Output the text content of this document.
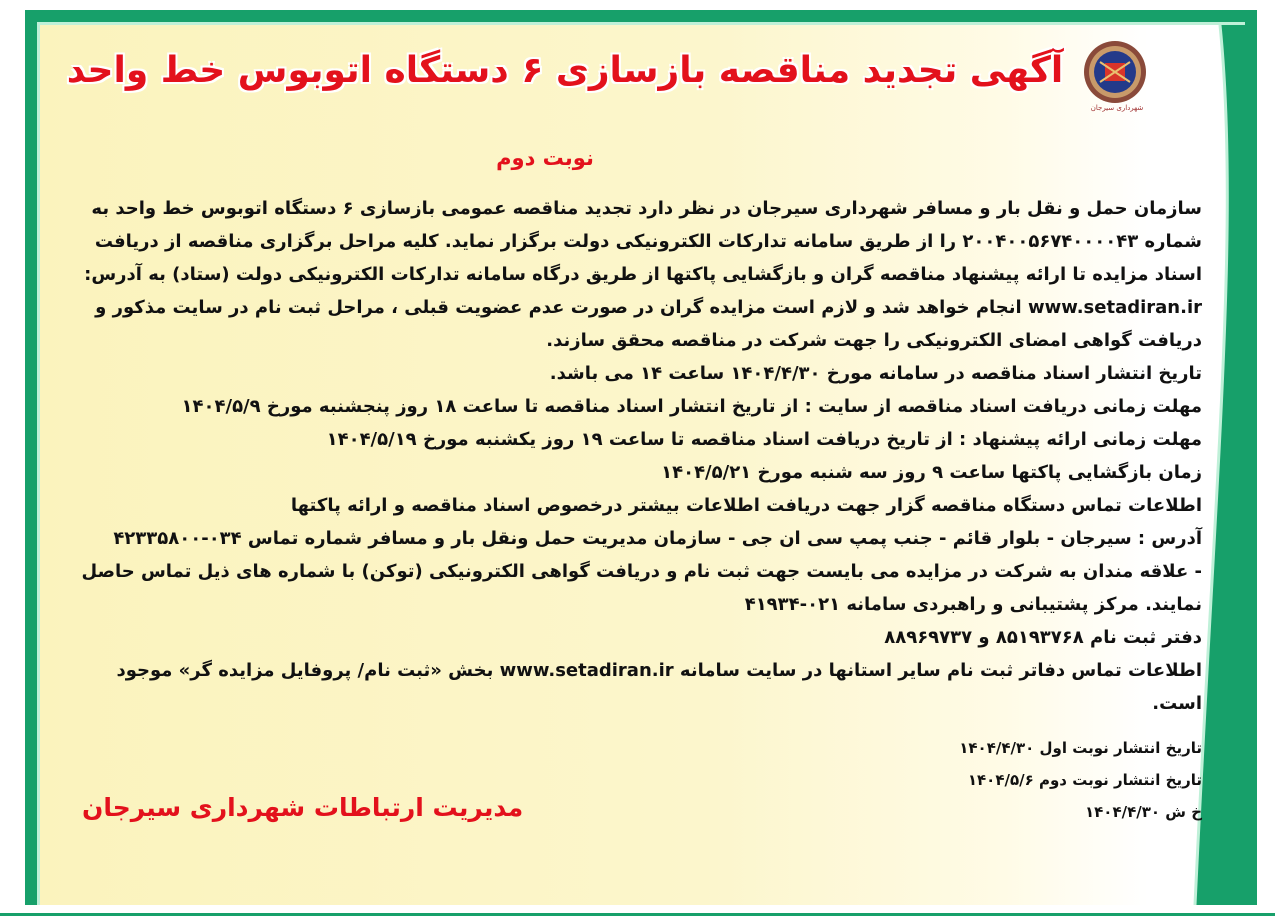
شهرداری سیرجان
آگهی تجدید مناقصه بازسازی ۶ دستگاه اتوبوس خط واحد
نوبت دوم
سازمان حمل و نقل بار و مسافر شهرداری سیرجان در نظر دارد تجدید مناقصه عمومی بازسازی ۶ دستگاه اتوبوس خط واحد به
شماره ۲۰۰۴۰۰۵۶۷۴۰۰۰۰۴۳ را از طریق سامانه تدارکات الکترونیکی دولت برگزار نماید. کلیه مراحل برگزاری مناقصه از دریافت
اسناد مزایده تا ارائه پیشنهاد مناقصه گران و بازگشایی پاکتها از طریق درگاه سامانه تدارکات الکترونیکی دولت (ستاد) به آدرس:
www.setadiran.ir انجام خواهد شد و لازم است مزایده گران در صورت عدم عضویت قبلی ، مراحل ثبت نام در سایت مذکور و
دریافت گواهی امضای الکترونیکی را جهت شرکت در مناقصه محقق سازند.
تاریخ انتشار اسناد مناقصه در سامانه مورخ ۱۴۰۴/۴/۳۰ ساعت ۱۴ می باشد.
مهلت زمانی دریافت اسناد مناقصه از سایت : از تاریخ انتشار اسناد مناقصه تا ساعت ۱۸ روز پنجشنبه مورخ ۱۴۰۴/۵/۹
مهلت زمانی ارائه پیشنهاد : از تاریخ دریافت اسناد مناقصه تا ساعت ۱۹ روز یکشنبه مورخ ۱۴۰۴/۵/۱۹
زمان بازگشایی پاکتها ساعت ۹ روز سه شنبه مورخ ۱۴۰۴/۵/۲۱
اطلاعات تماس دستگاه مناقصه گزار جهت دریافت اطلاعات بیشتر درخصوص اسناد مناقصه و ارائه پاکتها
آدرس : سیرجان - بلوار قائم - جنب پمپ سی ان جی - سازمان مدیریت حمل ونقل بار و مسافر شماره تماس ۰۳۴-۴۲۳۳۵۸۰۰
- علاقه مندان به شرکت در مزایده می بایست جهت ثبت نام و دریافت گواهی الکترونیکی (توکن) با شماره های ذیل تماس حاصل
نمایند. مرکز پشتیبانی و راهبردی سامانه ۰۲۱-۴۱۹۳۴
دفتر ثبت نام ۸۵۱۹۳۷۶۸ و ۸۸۹۶۹۷۳۷
اطلاعات تماس دفاتر ثبت نام سایر استانها در سایت سامانه www.setadiran.ir بخش «ثبت نام/ پروفایل مزایده گر» موجود است.
تاریخ انتشار نوبت اول ۱۴۰۴/۴/۳۰
تاریخ انتشار نوبت دوم ۱۴۰۴/۵/۶
خ ش ۱۴۰۴/۴/۳۰
مدیریت ارتباطات شهرداری سیرجان
